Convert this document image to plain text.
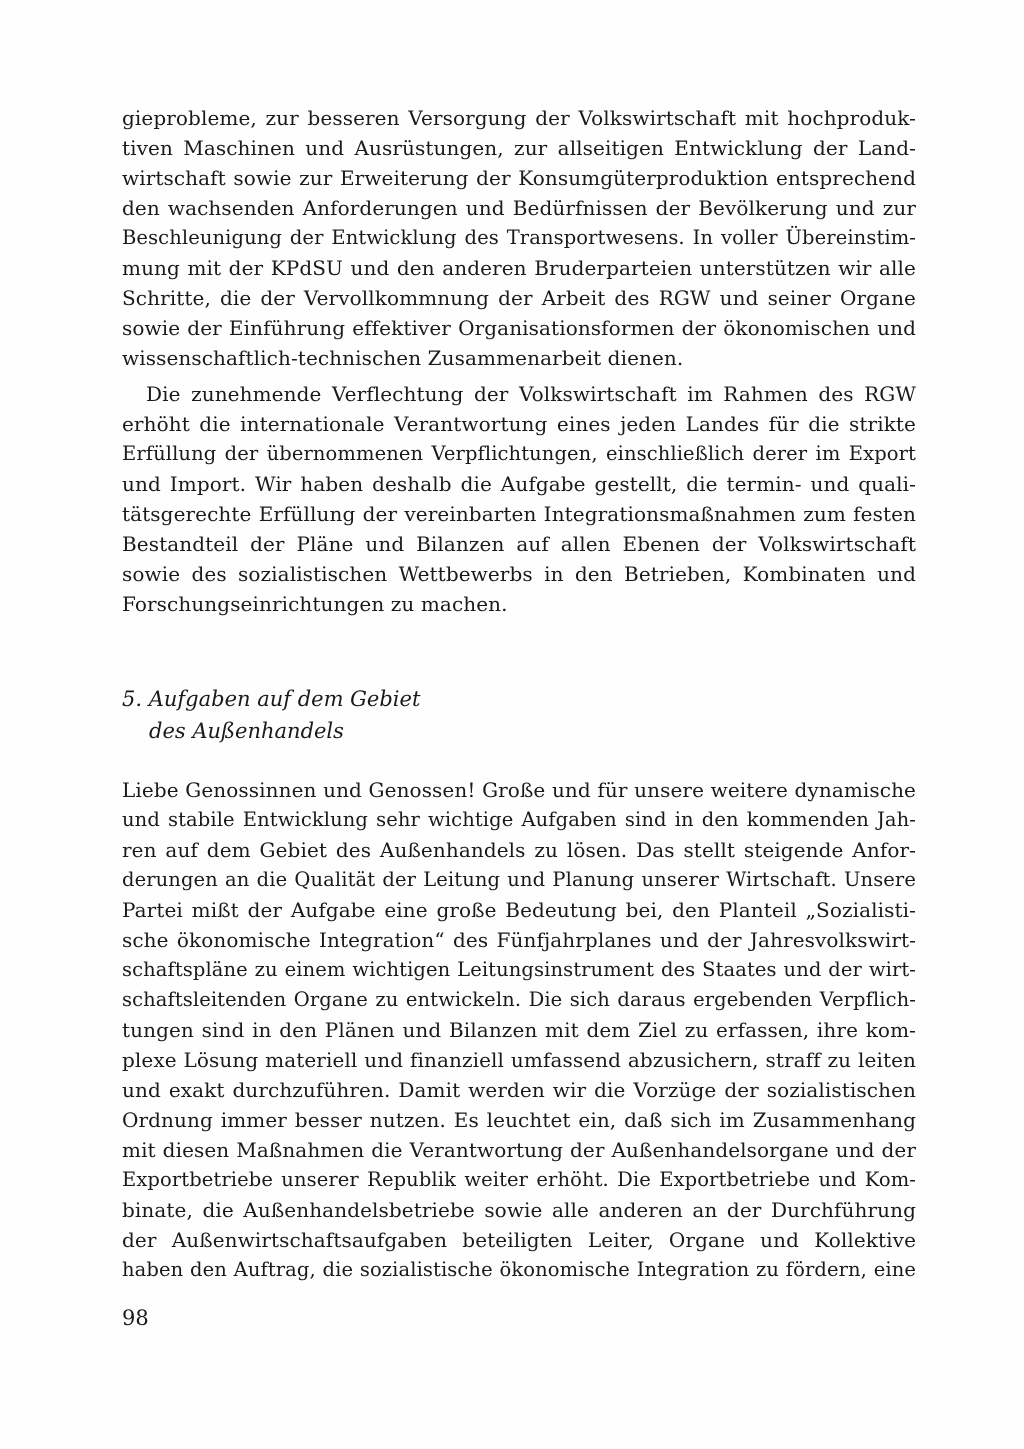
gieprobleme, zur besseren Versorgung der Volkswirtschaft mit hochproduk-
tiven Maschinen und Ausrüstungen, zur allseitigen Entwicklung der Land-
wirtschaft sowie zur Erweiterung der Konsumgüterproduktion entsprechend
den wachsenden Anforderungen und Bedürfnissen der Bevölkerung und zur
Beschleunigung der Entwicklung des Transportwesens. In voller Übereinstim-
mung mit der KPdSU und den anderen Bruderparteien unterstützen wir alle
Schritte, die der Vervollkommnung der Arbeit des RGW und seiner Organe
sowie der Einführung effektiver Organisationsformen der ökonomischen und
wissenschaftlich-technischen Zusammenarbeit dienen.
Die zunehmende Verflechtung der Volkswirtschaft im Rahmen des RGW
erhöht die internationale Verantwortung eines jeden Landes für die strikte
Erfüllung der übernommenen Verpflichtungen, einschließlich derer im Export
und Import. Wir haben deshalb die Aufgabe gestellt, die termin- und quali-
tätsgerechte Erfüllung der vereinbarten Integrationsmaßnahmen zum festen
Bestandteil der Pläne und Bilanzen auf allen Ebenen der Volkswirtschaft
sowie des sozialistischen Wettbewerbs in den Betrieben, Kombinaten und
Forschungseinrichtungen zu machen.
5. Aufgaben auf dem Gebiet
des Außenhandels
Liebe Genossinnen und Genossen! Große und für unsere weitere dynamische
und stabile Entwicklung sehr wichtige Aufgaben sind in den kommenden Jah-
ren auf dem Gebiet des Außenhandels zu lösen. Das stellt steigende Anfor-
derungen an die Qualität der Leitung und Planung unserer Wirtschaft. Unsere
Partei mißt der Aufgabe eine große Bedeutung bei, den Planteil „Sozialisti-
sche ökonomische Integration“ des Fünfjahrplanes und der Jahresvolkswirt-
schaftspläne zu einem wichtigen Leitungsinstrument des Staates und der wirt-
schaftsleitenden Organe zu entwickeln. Die sich daraus ergebenden Verpflich-
tungen sind in den Plänen und Bilanzen mit dem Ziel zu erfassen, ihre kom-
plexe Lösung materiell und finanziell umfassend abzusichern, straff zu leiten
und exakt durchzuführen. Damit werden wir die Vorzüge der sozialistischen
Ordnung immer besser nutzen. Es leuchtet ein, daß sich im Zusammenhang
mit diesen Maßnahmen die Verantwortung der Außenhandelsorgane und der
Exportbetriebe unserer Republik weiter erhöht. Die Exportbetriebe und Kom-
binate, die Außenhandelsbetriebe sowie alle anderen an der Durchführung
der Außenwirtschaftsaufgaben beteiligten Leiter, Organe und Kollektive
haben den Auftrag, die sozialistische ökonomische Integration zu fördern, eine
98
